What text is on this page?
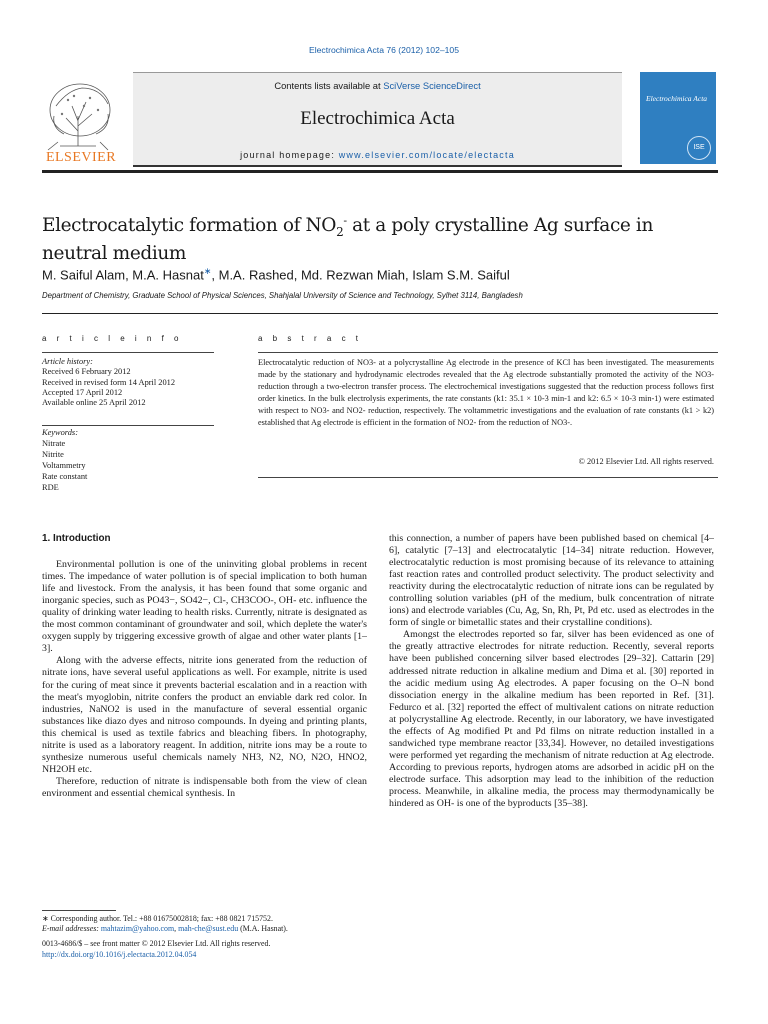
Electrochimica Acta 76 (2012) 102–105
Contents lists available at SciVerse ScienceDirect
Electrochimica Acta
journal homepage: www.elsevier.com/locate/electacta
ELSEVIER
Electrochimica Acta
ISE
Electrocatalytic formation of $NO_2^-$ at a poly crystalline Ag surface in neutral medium
M. Saiful Alam, M.A. Hasnat∗, M.A. Rashed, Md. Rezwan Miah, Islam S.M. Saiful
Department of Chemistry, Graduate School of Physical Sciences, Shahjalal University of Science and Technology, Sylhet 3114, Bangladesh
a r t i c l e i n f o
Article history:
Received 6 February 2012
Received in revised form 14 April 2012
Accepted 17 April 2012
Available online 25 April 2012
Keywords:
Nitrate
Nitrite
Voltammetry
Rate constant
RDE
a b s t r a c t
Electrocatalytic reduction of NO3- at a polycrystalline Ag electrode in the presence of KCl has been investigated. The measurements made by the stationary and hydrodynamic electrodes revealed that the Ag electrode substantially promoted the activity of the NO3- reduction through a two-electron transfer process. The electrochemical investigations suggested that the reduction process follows first order kinetics. In the bulk electrolysis experiments, the rate constants (k1: 35.1 × 10-3 min-1 and k2: 6.5 × 10-3 min-1) were estimated with respect to NO3- and NO2- reduction, respectively. The voltammetric investigations and the evaluation of rate constants (k1 > k2) established that Ag electrode is efficient in the formation of NO2- from the reduction of NO3-.
© 2012 Elsevier Ltd. All rights reserved.
1. Introduction

Environmental pollution is one of the uninviting global problems in recent times. The impedance of water pollution is of special implication to both human life and livestock. From the analysis, it has been found that some organic and inorganic species, such as PO43−, SO42−, Cl-, CH3COO-, OH- etc. influence the quality of drinking water leading to health risks. Currently, nitrate is designated as the most common contaminant of groundwater and soil, which deplete the water's oxygen supply by triggering excessive growth of algae and other water plants [1–3].

Along with the adverse effects, nitrite ions generated from the reduction of nitrate ions, have several useful applications as well. For example, nitrite is used for the curing of meat since it prevents bacterial escalation and in a reaction with the meat's myoglobin, nitrite confers the product an enviable dark red color. In industries, NaNO2 is used in the manufacture of several essential organic substances like diazo dyes and nitroso compounds. In dyeing and printing plants, this chemical is used as textile fabrics and bleaching fibers. In photography, nitrite is used as a laboratory reagent. In addition, nitrite ions may be a route to synthesize numerous useful chemicals namely NH3, N2, NO, N2O, HNO2, NH2OH etc.

Therefore, reduction of nitrate is indispensable both from the view of clean environment and essential chemical synthesis. In

this connection, a number of papers have been published based on chemical [4–6], catalytic [7–13] and electrocatalytic [14–34] nitrate reduction. However, electrocatalytic reduction is most promising because of its relevance to attaining fast reaction rates and controlled product selectivity. The product selectivity and reactivity during the electrocatalytic reduction of nitrate ions can be regulated by controlling solution variables (pH of the medium, bulk concentration of nitrate ions) and electrode variables (Cu, Ag, Sn, Rh, Pt, Pd etc. used as electrodes in the form of single or bimetallic states and their crystalline conditions).

Amongst the electrodes reported so far, silver has been evidenced as one of the greatly attractive electrodes for nitrate reduction. Recently, several reports have been published concerning silver based electrodes [29–32]. Cattarin [29] addressed nitrate reduction in alkaline medium and Dima et al. [30] reported in the acidic medium using Ag electrodes. A paper focusing on the O–N bond dissociation energy in the alkaline medium has been reported in Ref. [31]. Fedurco et al. [32] reported the effect of multivalent cations on nitrate reduction at polycrystalline Ag electrode. Recently, in our laboratory, we have investigated the effects of Ag modified Pt and Pd films on nitrate reduction installed in a sandwiched type membrane reactor [33,34]. However, no detailed investigations were performed yet regarding the mechanism of nitrate reduction at Ag electrode. According to previous reports, hydrogen atoms are adsorbed in acidic pH on the electrode surface. This adsorption may lead to the inhibition of the reduction process. Meanwhile, in alkaline media, the process may thermodynamically be hindered as OH- is one of the byproducts [35–38].

∗ Corresponding author. Tel.: +88 01675002818; fax: +88 0821 715752.
E-mail addresses: mahtazim@yahoo.com, mah-che@sust.edu (M.A. Hasnat).
0013-4686/$ – see front matter © 2012 Elsevier Ltd. All rights reserved.
http://dx.doi.org/10.1016/j.electacta.2012.04.054
